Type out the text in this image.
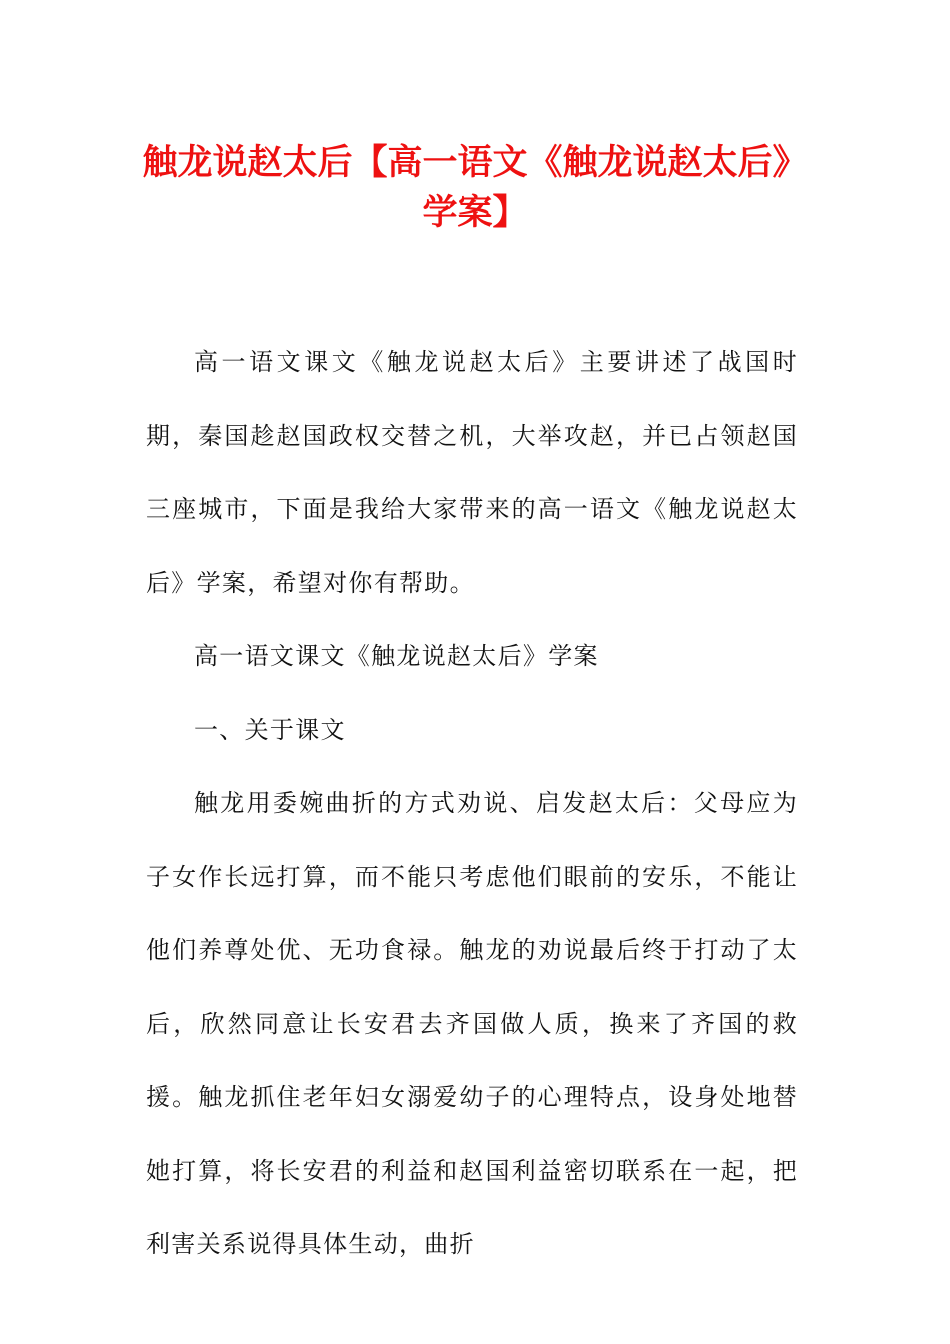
触龙说赵太后【高一语文《触龙说赵太后》学案】

高一语文课文《触龙说赵太后》主要讲述了战国时期，秦国趁赵国政权交替之机，大举攻赵，并已占领赵国三座城市，下面是我给大家带来的高一语文《触龙说赵太后》学案，希望对你有帮助。

高一语文课文《触龙说赵太后》学案

一、关于课文

触龙用委婉曲折的方式劝说、启发赵太后：父母应为子女作长远打算，而不能只考虑他们眼前的安乐，不能让他们养尊处优、无功食禄。触龙的劝说最后终于打动了太后，欣然同意让长安君去齐国做人质，换来了齐国的救援。触龙抓住老年妇女溺爱幼子的心理特点，设身处地替她打算，将长安君的利益和赵国利益密切联系在一起，把利害关系说得具体生动，曲折
